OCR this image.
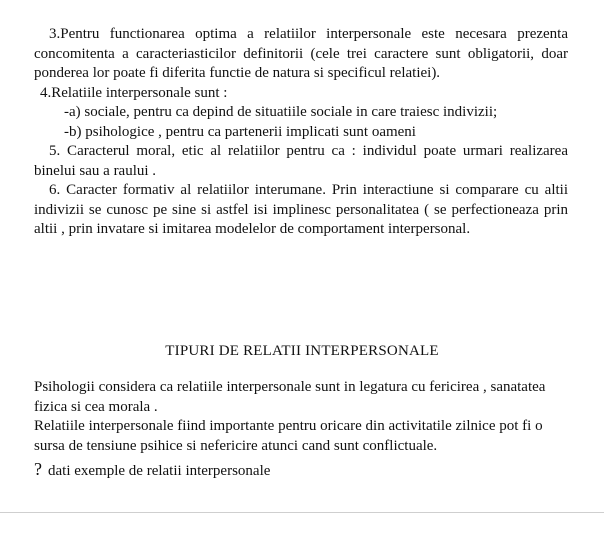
3.Pentru functionarea optima a relatiilor interpersonale este necesara prezenta concomitenta a caracteriasticilor definitorii (cele trei caractere sunt obligatorii, doar ponderea lor poate fi diferita functie de natura si specificul relatiei).

4.Relatiile interpersonale sunt :

-a) sociale, pentru ca depind de situatiile sociale in care traiesc indivizii;

-b) psihologice , pentru ca partenerii implicati sunt oameni

5. Caracterul moral, etic al relatiilor pentru ca : individul poate urmari realizarea binelui sau a raului .

6. Caracter formativ al relatiilor interumane. Prin interactiune si comparare cu altii indivizii se cunosc pe sine si astfel isi implinesc personalitatea ( se perfectioneaza prin altii , prin invatare si imitarea modelelor de comportament interpersonal.

TIPURI DE RELATII INTERPERSONALE

Psihologii considera ca relatiile interpersonale sunt in legatura cu fericirea , sanatatea fizica si cea morala .

Relatiile interpersonale fiind importante pentru oricare din activitatile zilnice pot fi o sursa de tensiune psihice si nefericire atunci cand sunt conflictuale.

? dati exemple de relatii interpersonale
